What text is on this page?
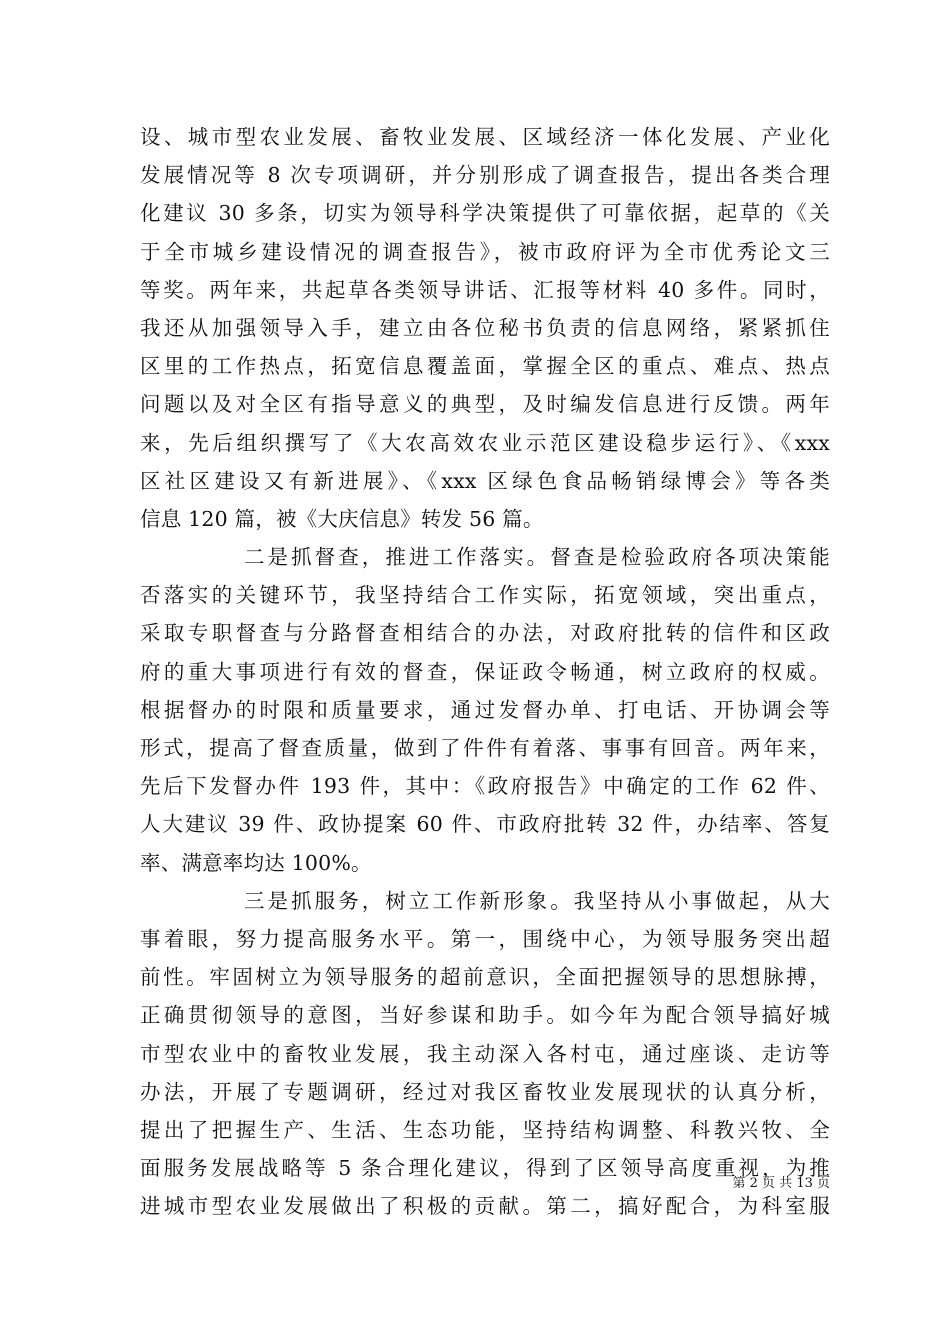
设、城市型农业发展、畜牧业发展、区域经济一体化发展、产业化
发展情况等 8 次专项调研，并分别形成了调查报告，提出各类合理
化建议 30 多条，切实为领导科学决策提供了可靠依据，起草的《关
于全市城乡建设情况的调查报告》，被市政府评为全市优秀论文三
等奖。两年来，共起草各类领导讲话、汇报等材料 40 多件。同时，
我还从加强领导入手，建立由各位秘书负责的信息网络，紧紧抓住
区里的工作热点，拓宽信息覆盖面，掌握全区的重点、难点、热点
问题以及对全区有指导意义的典型，及时编发信息进行反馈。两年
来，先后组织撰写了《大农高效农业示范区建设稳步运行》、《xxx
区社区建设又有新进展》、《xxx 区绿色食品畅销绿博会》等各类
信息 120 篇，被《大庆信息》转发 56 篇。
二是抓督查，推进工作落实。督查是检验政府各项决策能
否落实的关键环节，我坚持结合工作实际，拓宽领域，突出重点，
采取专职督查与分路督查相结合的办法，对政府批转的信件和区政
府的重大事项进行有效的督查，保证政令畅通，树立政府的权威。
根据督办的时限和质量要求，通过发督办单、打电话、开协调会等
形式，提高了督查质量，做到了件件有着落、事事有回音。两年来，
先后下发督办件 193 件，其中：《政府报告》中确定的工作 62 件、
人大建议 39 件、政协提案 60 件、市政府批转 32 件，办结率、答复
率、满意率均达 100%。
三是抓服务，树立工作新形象。我坚持从小事做起，从大
事着眼，努力提高服务水平。第一，围绕中心，为领导服务突出超
前性。牢固树立为领导服务的超前意识，全面把握领导的思想脉搏，
正确贯彻领导的意图，当好参谋和助手。如今年为配合领导搞好城
市型农业中的畜牧业发展，我主动深入各村屯，通过座谈、走访等
办法，开展了专题调研，经过对我区畜牧业发展现状的认真分析，
提出了把握生产、生活、生态功能，坚持结构调整、科教兴牧、全
面服务发展战略等 5 条合理化建议，得到了区领导高度重视，为推
进城市型农业发展做出了积极的贡献。第二，搞好配合，为科室服
第 2 页 共 13 页
